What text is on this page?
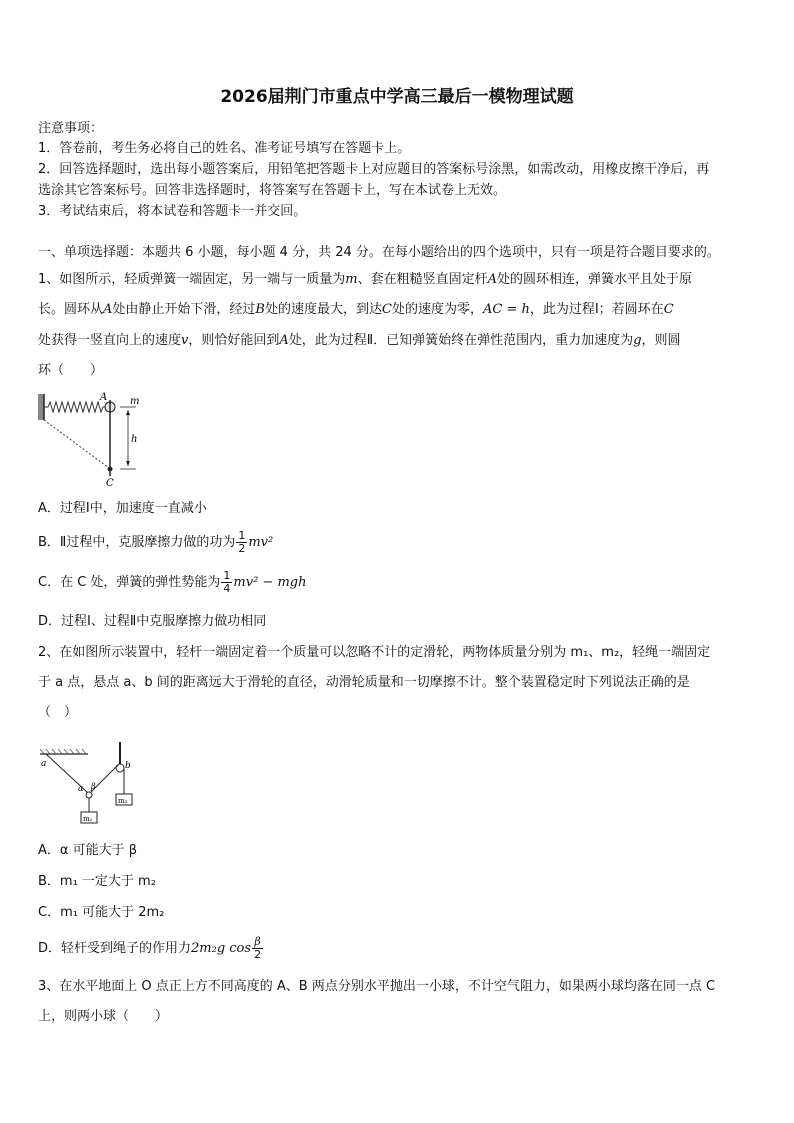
2026届荆门市重点中学高三最后一模物理试题
注意事项：
1．答卷前，考生务必将自己的姓名、准考证号填写在答题卡上。
2．回答选择题时，选出每小题答案后，用铅笔把答题卡上对应题目的答案标号涂黑，如需改动，用橡皮擦干净后，再
选涂其它答案标号。回答非选择题时，将答案写在答题卡上，写在本试卷上无效。
3．考试结束后，将本试卷和答题卡一并交回。
一、单项选择题：本题共 6 小题，每小题 4 分，共 24 分。在每小题给出的四个选项中，只有一项是符合题目要求的。
1、如图所示，轻质弹簧一端固定，另一端与一质量为m、套在粗糙竖直固定杆A处的圆环相连，弹簧水平且处于原
长。圆环从A处由静止开始下滑，经过B处的速度最大，到达C处的速度为零，AC = h，此为过程Ⅰ；若圆环在C
处获得一竖直向上的速度v，则恰好能回到A处，此为过程Ⅱ．已知弹簧始终在弹性范围内，重力加速度为g，则圆
环（　　）
A
C
m
h
A．过程Ⅰ中，加速度一直减小
B．Ⅱ过程中，克服摩擦力做的功为 $\frac{1}{2} mv^2$
C．在 C 处，弹簧的弹性势能为 $\frac{1}{4} mv^2$ − mgh
D．过程Ⅰ、过程Ⅱ中克服摩擦力做功相同
2、在如图所示装置中，轻杆一端固定着一个质量可以忽略不计的定滑轮，两物体质量分别为 m₁、m₂，轻绳一端固定
于 a 点，悬点 a、b 间的距离远大于滑轮的直径，动滑轮质量和一切摩擦不计。整个装置稳定时下列说法正确的是
（　）
a	b
α β
m₁
m₂
A．α 可能大于 β
B．m₁ 一定大于 m₂
C．m₁ 可能大于 2m₂
D．轻杆受到绳子的作用力2m₂g $\cos \frac{\beta}{2}$
3、在水平地面上 O 点正上方不同高度的 A、B 两点分别水平抛出一小球，不计空气阻力，如果两小球均落在同一点 C
上，则两小球（　　）
